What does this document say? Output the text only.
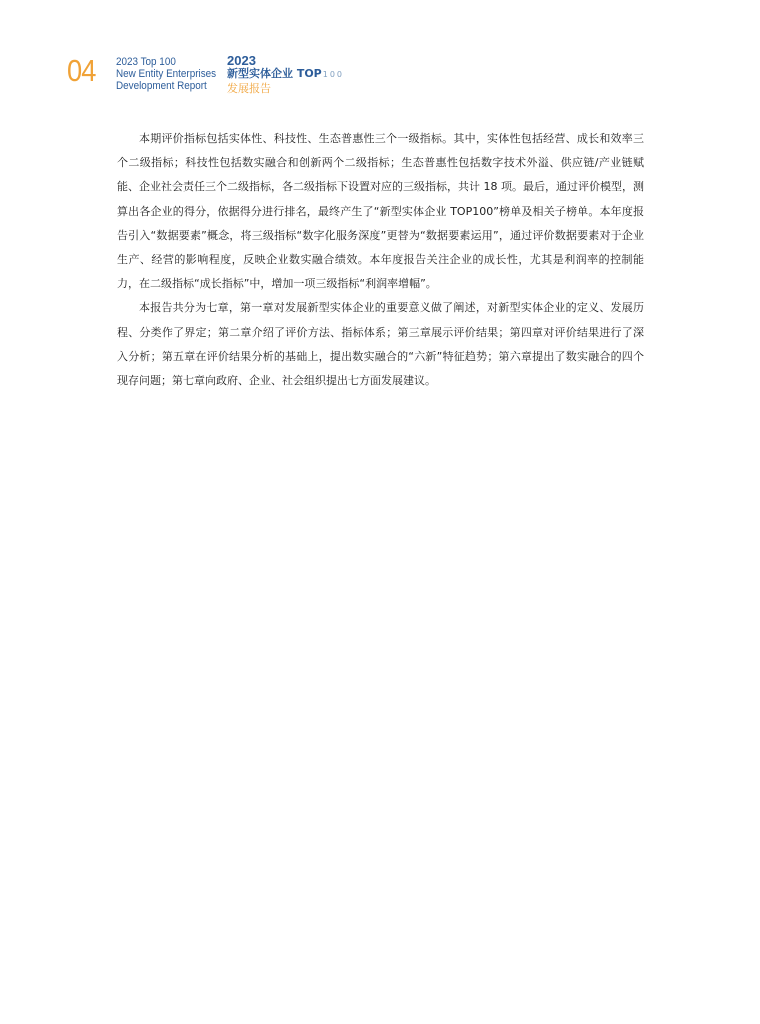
04 2023 Top 100
New Entity Enterprises
Development Report
2023
新型实体企业 TOP100
发展报告

本期评价指标包括实体性、科技性、生态普惠性三个一级指标。其中，实体性包括经营、成长和效率三个二级指标；科技性包括数实融合和创新两个二级指标；生态普惠性包括数字技术外溢、供应链/产业链赋能、企业社会责任三个二级指标，各二级指标下设置对应的三级指标，共计 18 项。最后，通过评价模型，测算出各企业的得分，依据得分进行排名，最终产生了“新型实体企业 TOP100”榜单及相关子榜单。本年度报告引入“数据要素”概念，将三级指标“数字化服务深度”更替为“数据要素运用”，通过评价数据要素对于企业生产、经营的影响程度，反映企业数实融合绩效。本年度报告关注企业的成长性，尤其是利润率的控制能力，在二级指标“成长指标”中，增加一项三级指标“利润率增幅”。

本报告共分为七章，第一章对发展新型实体企业的重要意义做了阐述，对新型实体企业的定义、发展历程、分类作了界定；第二章介绍了评价方法、指标体系；第三章展示评价结果；第四章对评价结果进行了深入分析；第五章在评价结果分析的基础上，提出数实融合的“六新”特征趋势；第六章提出了数实融合的四个现存问题；第七章向政府、企业、社会组织提出七方面发展建议。
